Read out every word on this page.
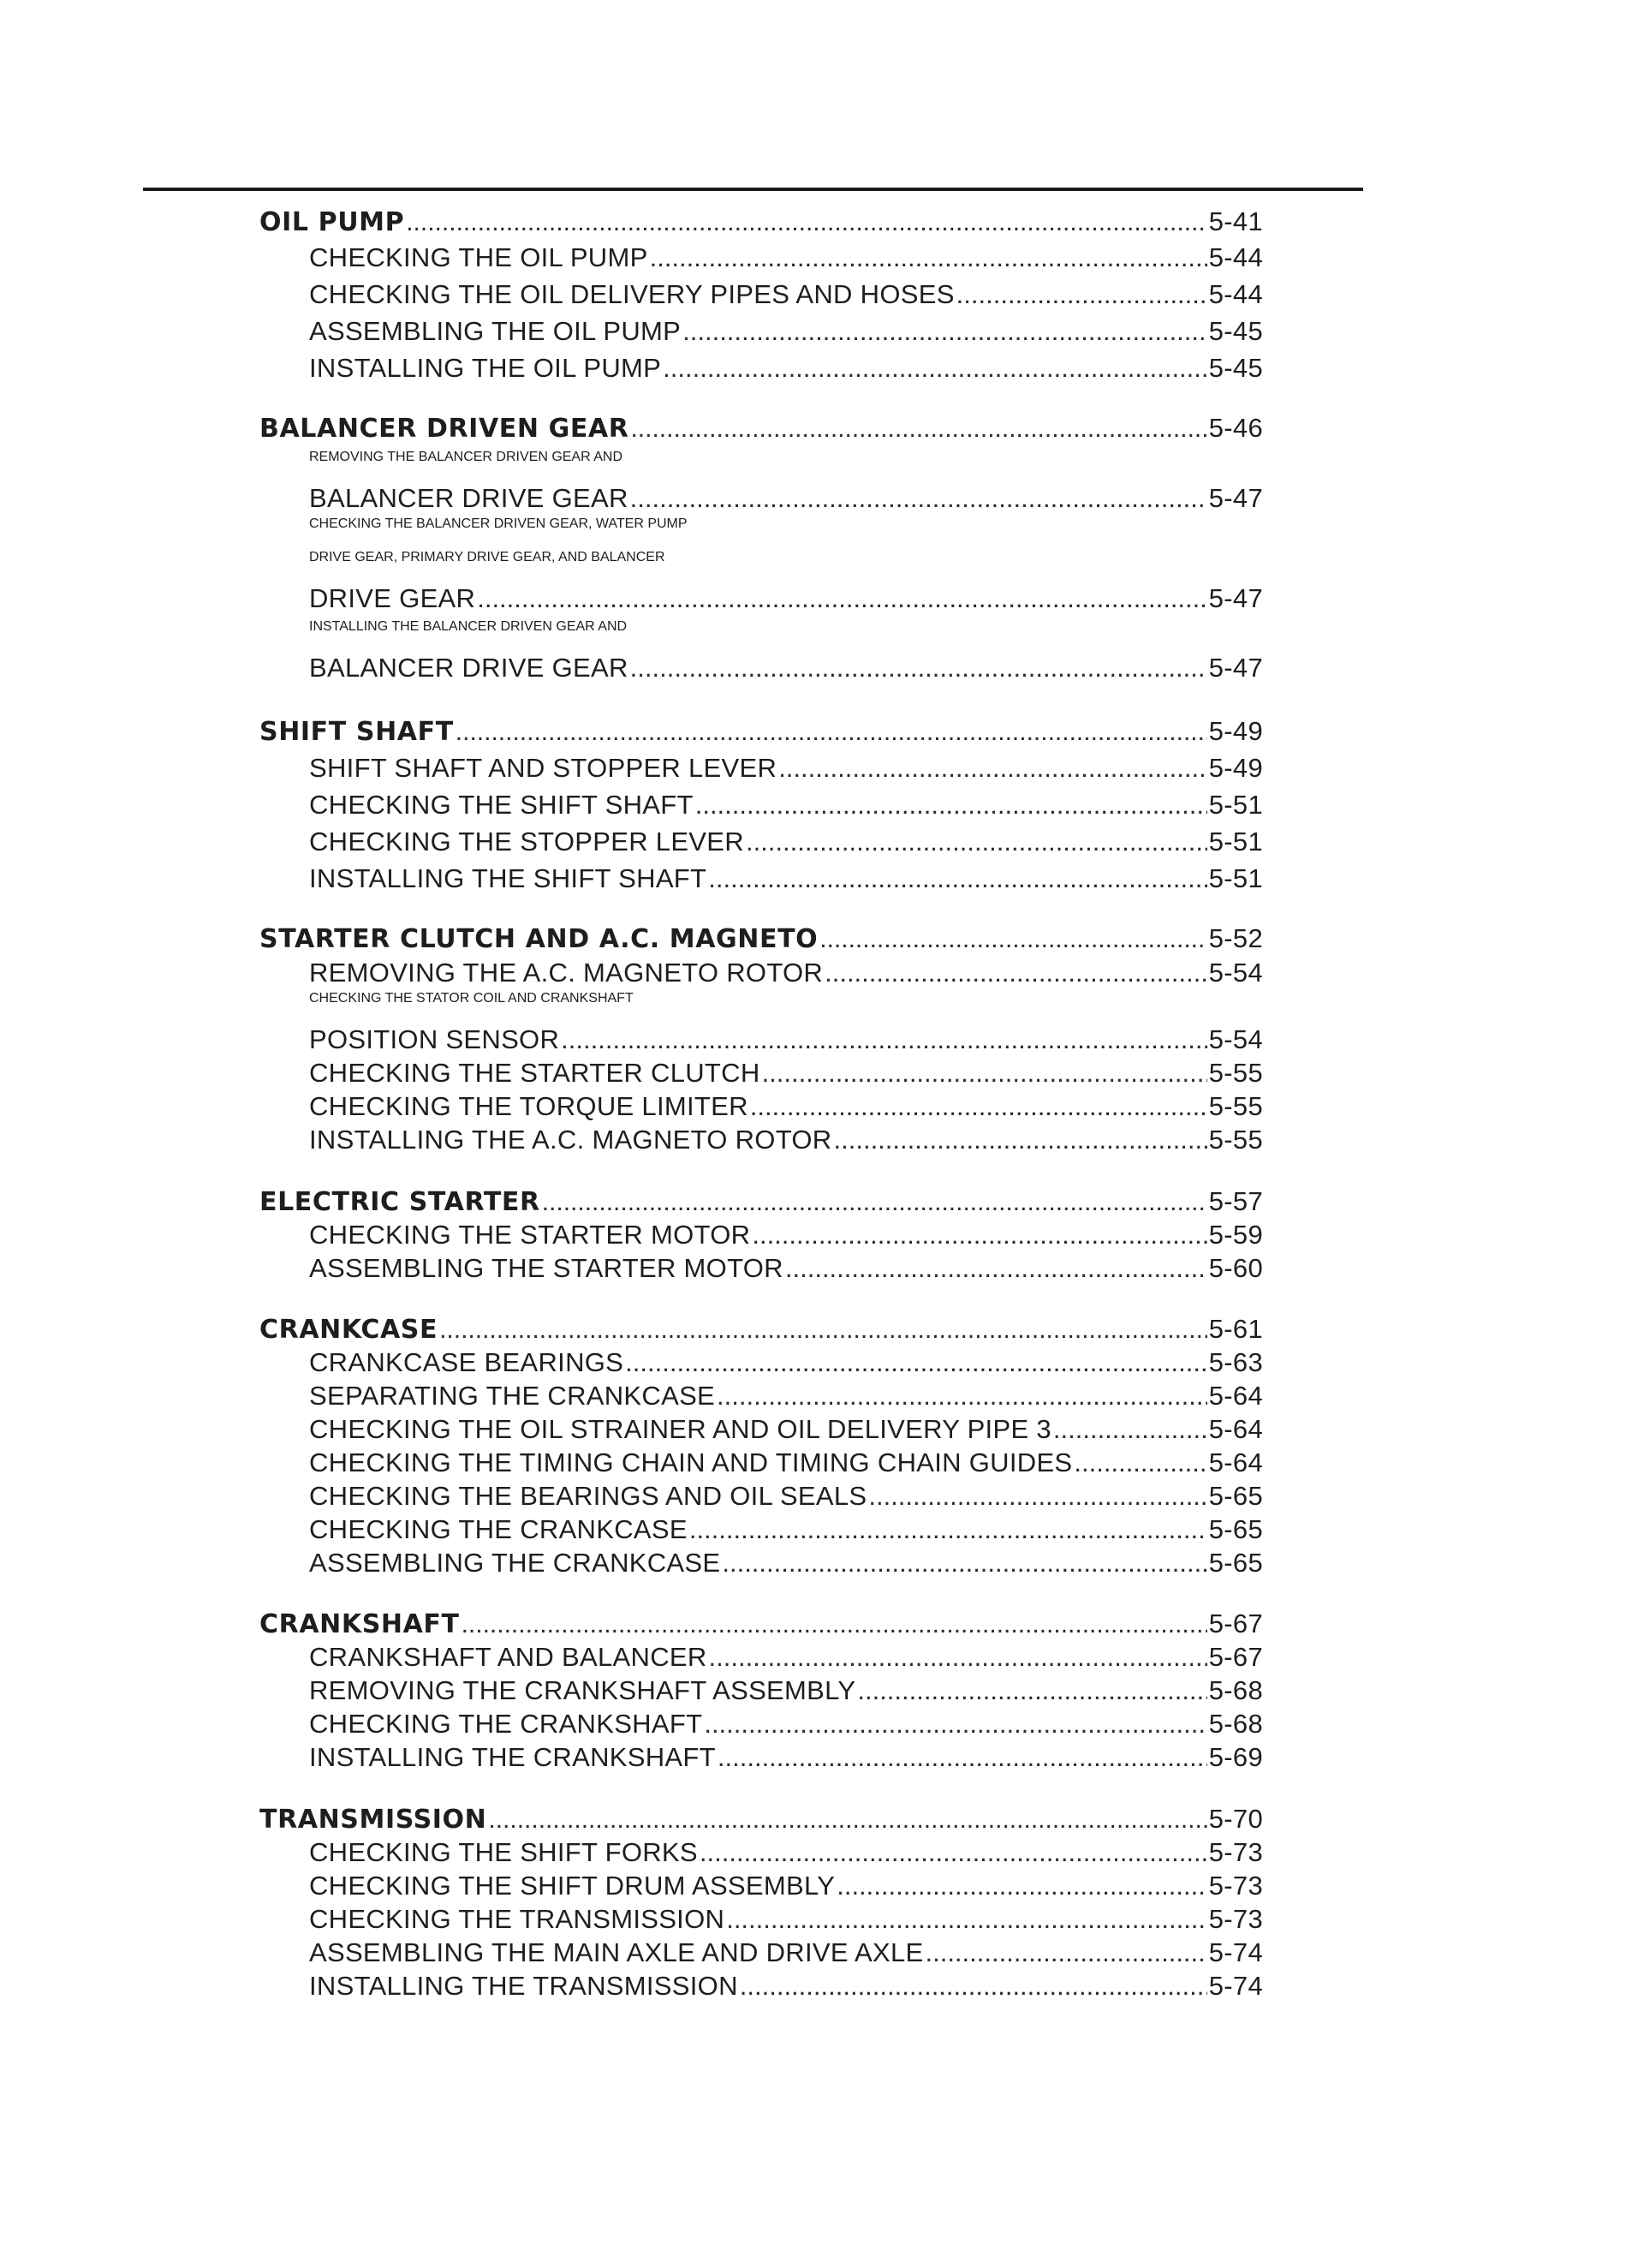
OIL PUMP .....	5-41
CHECKING THE OIL PUMP .....	5-44
CHECKING THE OIL DELIVERY PIPES AND HOSES .....	5-44
ASSEMBLING THE OIL PUMP .....	5-45
INSTALLING THE OIL PUMP .....	5-45
BALANCER DRIVEN GEAR .....	5-46
REMOVING THE BALANCER DRIVEN GEAR AND
BALANCER DRIVE GEAR .....	5-47
CHECKING THE BALANCER DRIVEN GEAR, WATER PUMP
DRIVE GEAR, PRIMARY DRIVE GEAR, AND BALANCER
DRIVE GEAR .....	5-47
INSTALLING THE BALANCER DRIVEN GEAR AND
BALANCER DRIVE GEAR .....	5-47
SHIFT SHAFT .....	5-49
SHIFT SHAFT AND STOPPER LEVER .....	5-49
CHECKING THE SHIFT SHAFT .....	5-51
CHECKING THE STOPPER LEVER .....	5-51
INSTALLING THE SHIFT SHAFT .....	5-51
STARTER CLUTCH AND A.C. MAGNETO .....	5-52
REMOVING THE A.C. MAGNETO ROTOR .....	5-54
CHECKING THE STATOR COIL AND CRANKSHAFT
POSITION SENSOR .....	5-54
CHECKING THE STARTER CLUTCH .....	5-55
CHECKING THE TORQUE LIMITER .....	5-55
INSTALLING THE A.C. MAGNETO ROTOR .....	5-55
ELECTRIC STARTER .....	5-57
CHECKING THE STARTER MOTOR .....	5-59
ASSEMBLING THE STARTER MOTOR .....	5-60
CRANKCASE .....	5-61
CRANKCASE BEARINGS .....	5-63
SEPARATING THE CRANKCASE .....	5-64
CHECKING THE OIL STRAINER AND OIL DELIVERY PIPE 3 .....	5-64
CHECKING THE TIMING CHAIN AND TIMING CHAIN GUIDES .....	5-64
CHECKING THE BEARINGS AND OIL SEALS .....	5-65
CHECKING THE CRANKCASE .....	5-65
ASSEMBLING THE CRANKCASE .....	5-65
CRANKSHAFT .....	5-67
CRANKSHAFT AND BALANCER .....	5-67
REMOVING THE CRANKSHAFT ASSEMBLY .....	5-68
CHECKING THE CRANKSHAFT .....	5-68
INSTALLING THE CRANKSHAFT .....	5-69
TRANSMISSION .....	5-70
CHECKING THE SHIFT FORKS .....	5-73
CHECKING THE SHIFT DRUM ASSEMBLY .....	5-73
CHECKING THE TRANSMISSION .....	5-73
ASSEMBLING THE MAIN AXLE AND DRIVE AXLE .....	5-74
INSTALLING THE TRANSMISSION .....	5-74
